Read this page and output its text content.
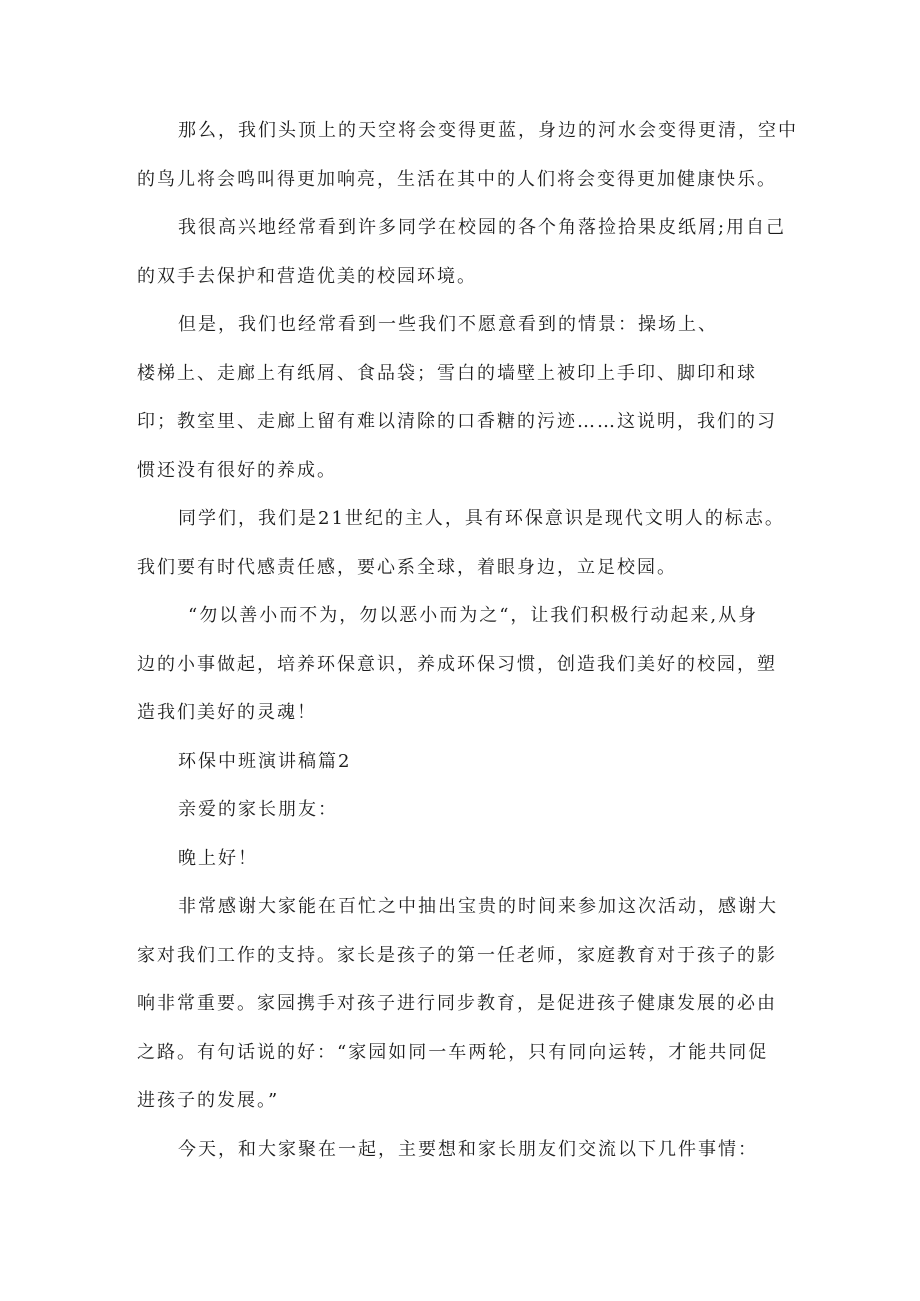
那么，我们头顶上的天空将会变得更蓝，身边的河水会变得更清，空中
的鸟儿将会鸣叫得更加响亮，生活在其中的人们将会变得更加健康快乐。
我很高兴地经常看到许多同学在校园的各个角落捡拾果皮纸屑;用自己
的双手去保护和营造优美的校园环境。
但是，我们也经常看到一些我们不愿意看到的情景：操场上、
楼梯上、走廊上有纸屑、食品袋；雪白的墙壁上被印上手印、脚印和球
印；教室里、走廊上留有难以清除的口香糖的污迹……这说明，我们的习
惯还没有很好的养成。
同学们，我们是21世纪的主人，具有环保意识是现代文明人的标志。
我们要有时代感责任感，要心系全球，着眼身边，立足校园。
“勿以善小而不为，勿以恶小而为之“，让我们积极行动起来,从身
边的小事做起，培养环保意识，养成环保习惯，创造我们美好的校园，塑
造我们美好的灵魂！
环保中班演讲稿篇2
亲爱的家长朋友：
晚上好！
非常感谢大家能在百忙之中抽出宝贵的时间来参加这次活动，感谢大
家对我们工作的支持。家长是孩子的第一任老师，家庭教育对于孩子的影
响非常重要。家园携手对孩子进行同步教育，是促进孩子健康发展的必由
之路。有句话说的好：“家园如同一车两轮，只有同向运转，才能共同促
进孩子的发展。”
今天，和大家聚在一起，主要想和家长朋友们交流以下几件事情：
